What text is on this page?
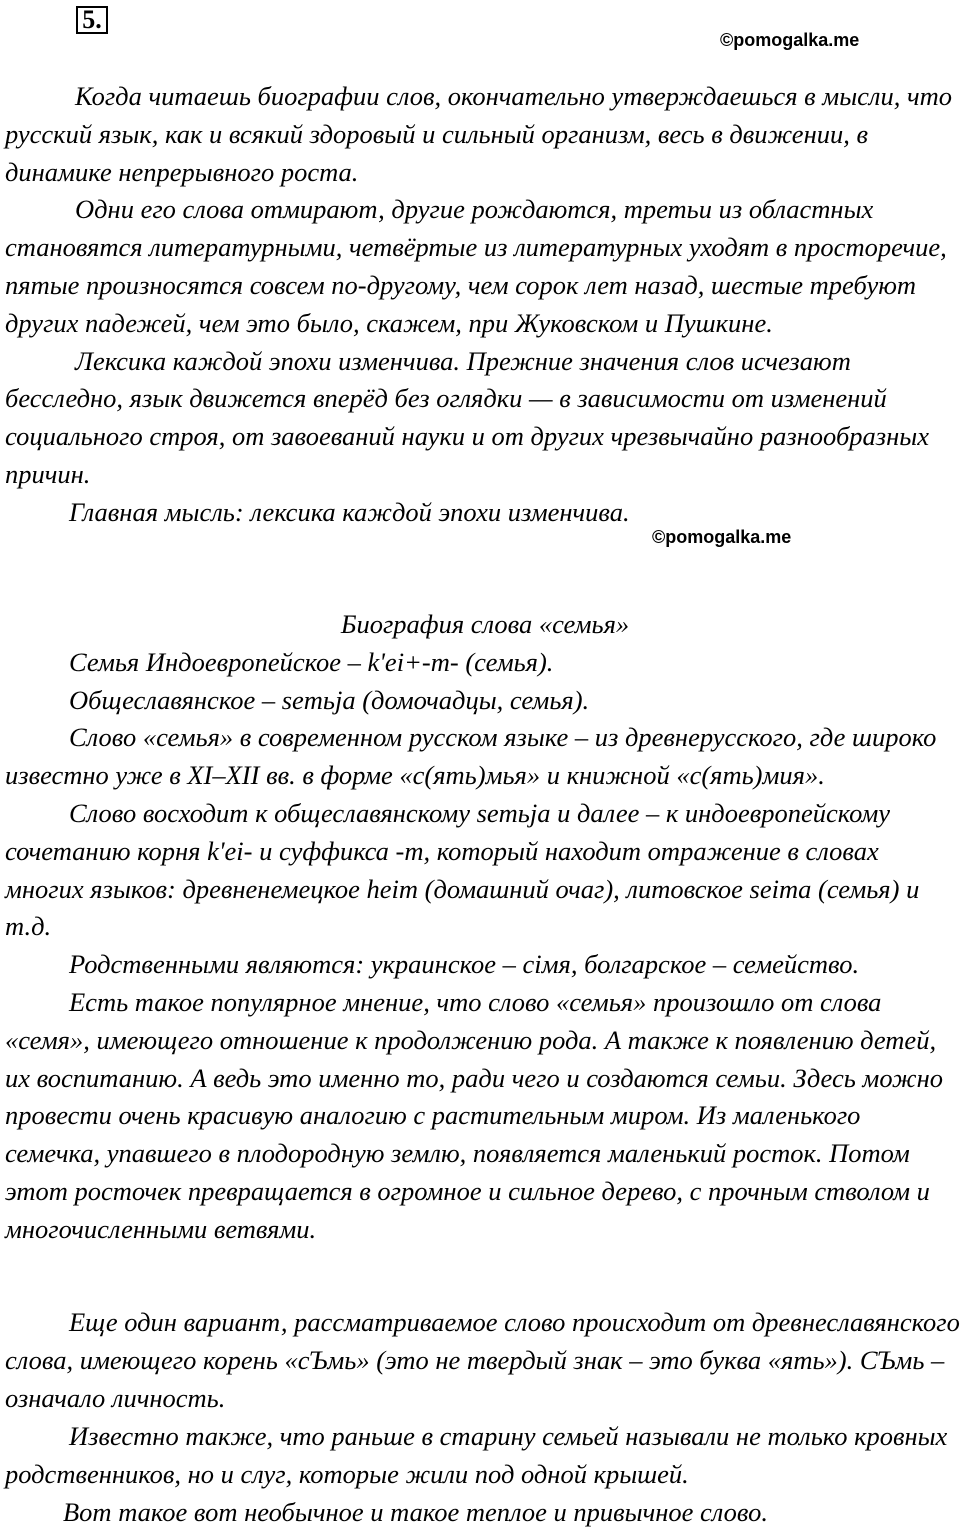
5.
©pomogalka.me
©pomogalka.me

Когда читаешь биографии слов, окончательно утверждаешься в мысли, что русский язык, как и всякий здоровый и сильный организм, весь в движении, в динамике непрерывного роста.

Одни его слова отмирают, другие рождаются, третьи из областных становятся литературными, четвёртые из литературных уходят в просторечие, пятые произносятся совсем по-другому, чем сорок лет назад, шестые требуют других падежей, чем это было, скажем, при Жуковском и Пушкине.

Лексика каждой эпохи изменчива. Прежние значения слов исчезают бесследно, язык движется вперёд без оглядки — в зависимости от изменений социального строя, от завоеваний науки и от других чрезвычайно разнообразных причин.

Главная мысль: лексика каждой эпохи изменчива.

Биография слова «семья»

Семья Индоевропейское – k'ei+-m- (семья).

Общеславянское – semьja (домочадцы, семья).

Слово «семья» в современном русском языке – из древнерусского, где широко известно уже в XI–XII вв. в форме «с(ять)мья» и книжной «с(ять)мия».

Слово восходит к общеславянскому semьja и далее – к индоевропейскому сочетанию корня k'ei- и суффикса -m, который находит отражение в словах многих языков: древненемецкое heim (домашний очаг), литовское seima (семья) и т.д.

Родственными являются: украинское – сiмя, болгарское – семейство.

Есть такое популярное мнение, что слово «семья» произошло от слова «семя», имеющего отношение к продолжению рода. А также к появлению детей, их воспитанию. А ведь это именно то, ради чего и создаются семьи. Здесь можно провести очень красивую аналогию с растительным миром. Из маленького семечка, упавшего в плодородную землю, появляется маленький росток. Потом этот росточек превращается в огромное и сильное дерево, с прочным стволом и многочисленными ветвями.

Еще один вариант, рассматриваемое слово происходит от древнеславянского слова, имеющего корень «сЪмь» (это не твердый знак – это буква «ять»). СЪмь – означало личность.

Известно также, что раньше в старину семьей называли не только кровных родственников, но и слуг, которые жили под одной крышей.

Вот такое вот необычное и такое теплое и привычное слово.
